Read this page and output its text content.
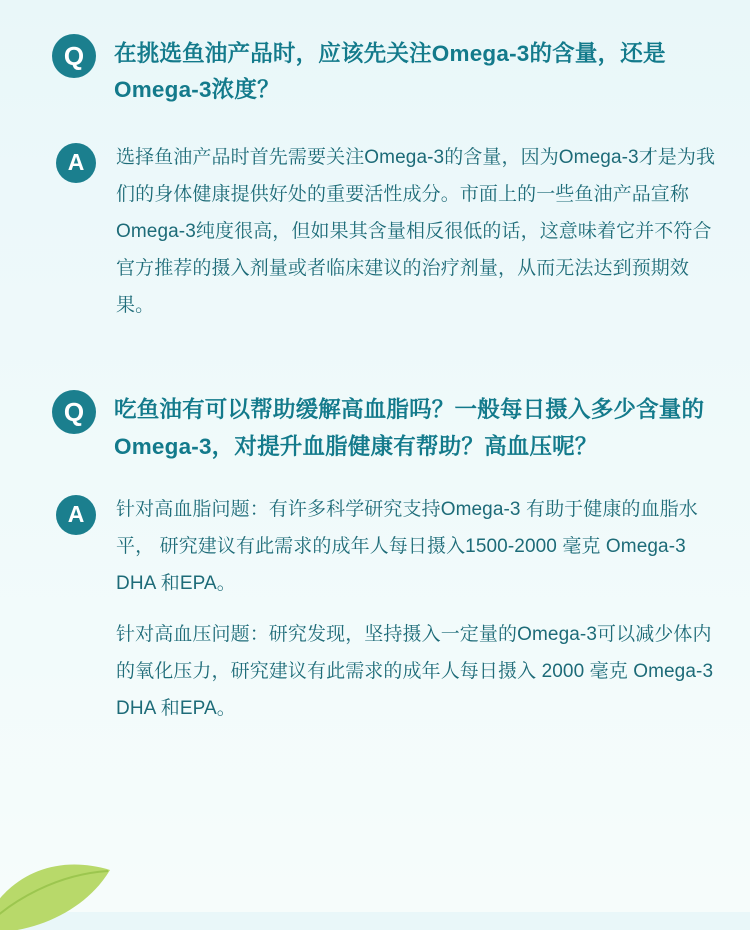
Q	在挑选鱼油产品时，应该先关注Omega-3的含量，还是Omega-3浓度？
A	选择鱼油产品时首先需要关注Omega-3的含量，因为Omega-3才是为我们的身体健康提供好处的重要活性成分。市面上的一些鱼油产品宣称Omega-3纯度很高，但如果其含量相反很低的话，这意味着它并不符合官方推荐的摄入剂量或者临床建议的治疗剂量，从而无法达到预期效果。

Q	吃鱼油有可以帮助缓解高血脂吗？一般每日摄入多少含量的Omega-3，对提升血脂健康有帮助？高血压呢？
A	针对高血脂问题：有许多科学研究支持Omega-3 有助于健康的血脂水平， 研究建议有此需求的成年人每日摄入1500-2000 毫克 Omega-3 DHA 和EPA。

针对高血压问题：研究发现，坚持摄入一定量的Omega-3可以减少体内的氧化压力，研究建议有此需求的成年人每日摄入 2000 毫克 Omega-3 DHA 和EPA。
